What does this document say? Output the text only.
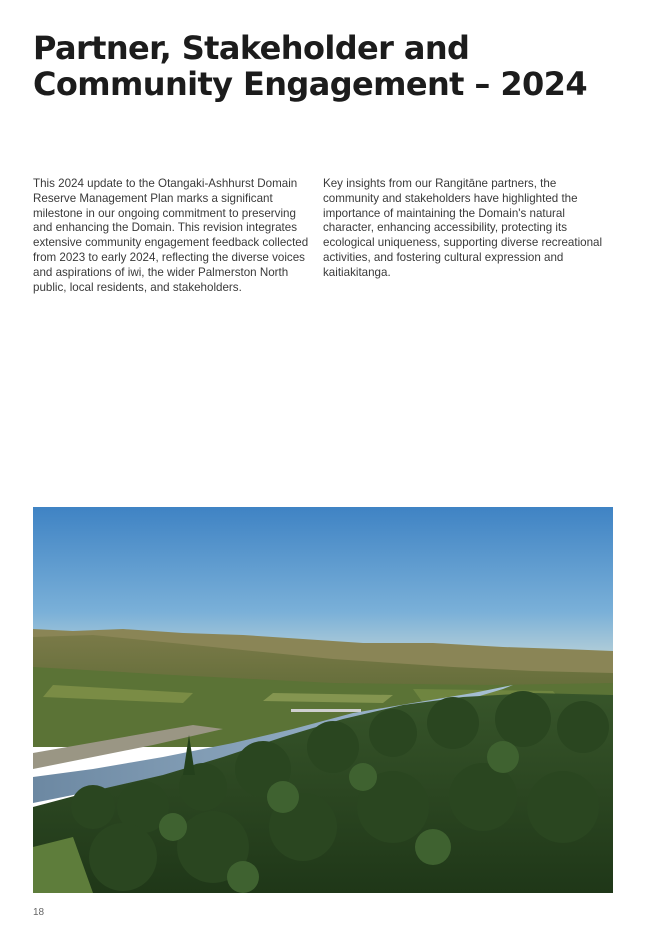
Partner, Stakeholder and
Community Engagement – 2024

This 2024 update to the Otangaki-Ashhurst Domain Reserve Management Plan marks a significant milestone in our ongoing commitment to preserving and enhancing the Domain. This revision integrates extensive community engagement feedback collected from 2023 to early 2024, reflecting the diverse voices and aspirations of iwi, the wider Palmerston North public, local residents, and stakeholders.

Key insights from our Rangitāne partners, the community and stakeholders have highlighted the importance of maintaining the Domain's natural character, enhancing accessibility, protecting its ecological uniqueness, supporting diverse recreational activities, and fostering cultural expression and kaitiakitanga.

18
